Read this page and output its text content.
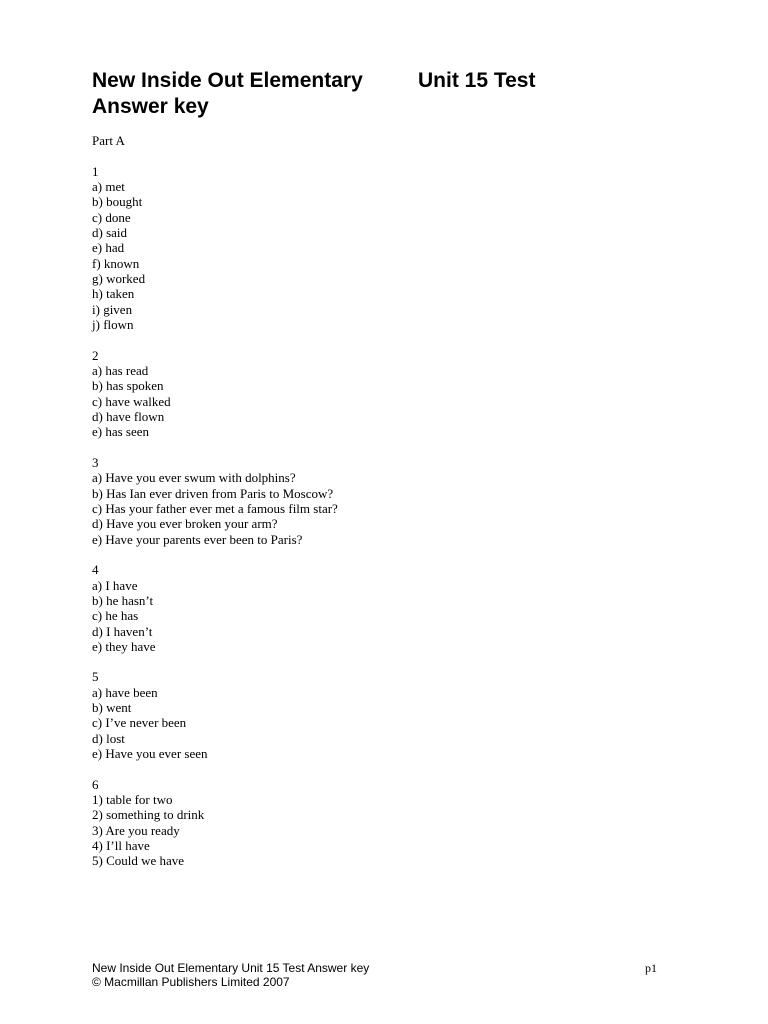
New Inside Out Elementary	Unit 15 Test
Answer key
Part A
1
a) met
b) bought
c) done
d) said
e) had
f) known
g) worked
h) taken
i) given
j) flown
2
a) has read
b) has spoken
c) have walked
d) have flown
e) has seen
3
a) Have you ever swum with dolphins?
b) Has Ian ever driven from Paris to Moscow?
c) Has your father ever met a famous film star?
d) Have you ever broken your arm?
e) Have your parents ever been to Paris?
4
a) I have
b) he hasn’t
c) he has
d) I haven’t
e) they have
5
a) have been
b) went
c) I’ve never been
d) lost
e) Have you ever seen
6
1) table for two
2) something to drink
3) Are you ready
4) I’ll have
5) Could we have
New Inside Out Elementary Unit 15 Test Answer key
© Macmillan Publishers Limited 2007
p1
